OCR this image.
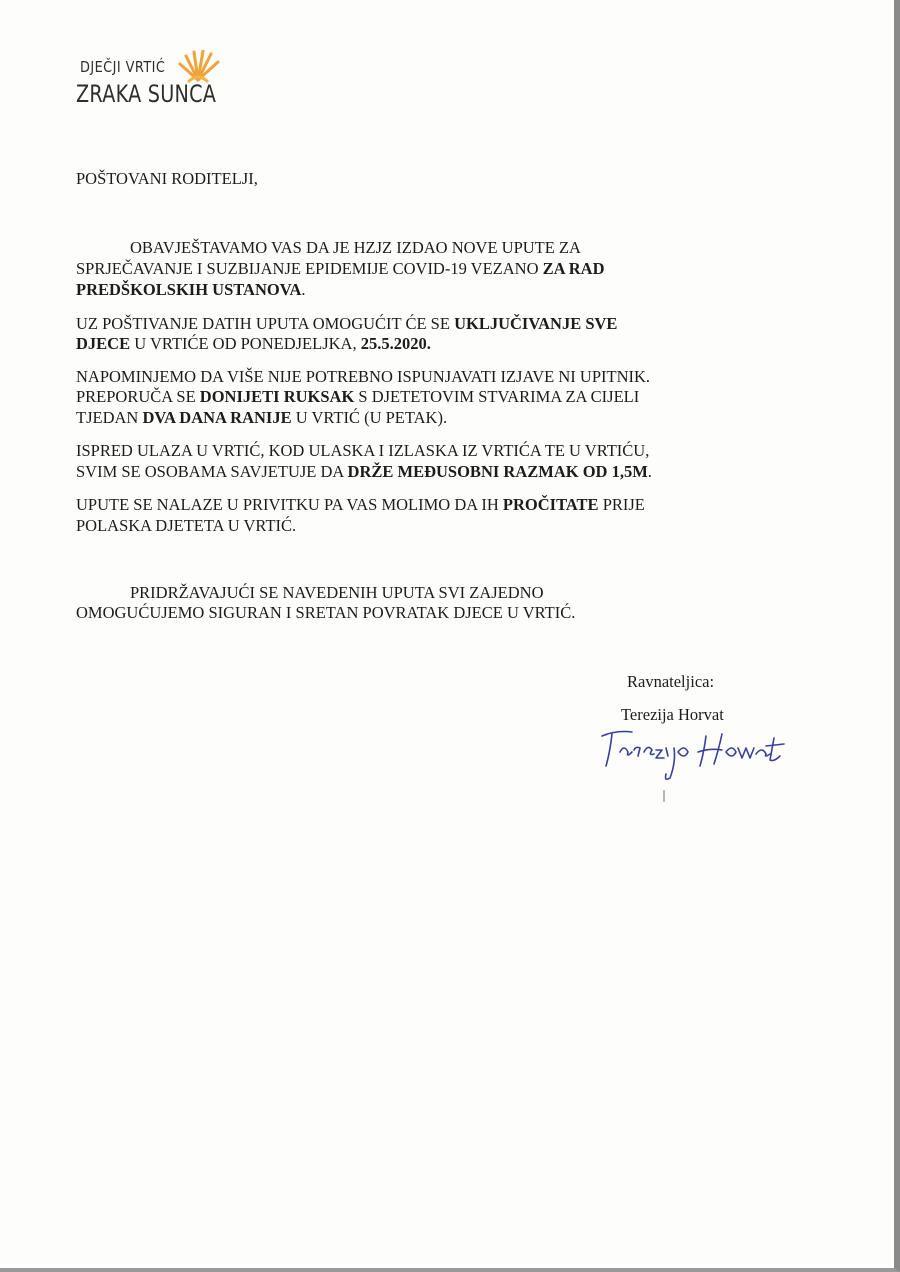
DJEČJI VRTIĆ
ZRAKA SUNCA
POŠTOVANI RODITELJI,
OBAVJEŠTAVAMO VAS DA JE HZJZ IZDAO NOVE UPUTE ZA
SPRJEČAVANJE I SUZBIJANJE EPIDEMIJE COVID-19 VEZANO ZA RAD
PREDŠKOLSKIH USTANOVA.
UZ POŠTIVANJE DATIH UPUTA OMOGUĆIT ĆE SE UKLJUČIVANJE SVE
DJECE U VRTIĆE OD PONEDJELJKA, 25.5.2020.
NAPOMINJEMO DA VIŠE NIJE POTREBNO ISPUNJAVATI IZJAVE NI UPITNIK.
PREPORUČA SE DONIJETI RUKSAK S DJETETOVIM STVARIMA ZA CIJELI
TJEDAN DVA DANA RANIJE U VRTIĆ (U PETAK).
ISPRED ULAZA U VRTIĆ, KOD ULASKA I IZLASKA IZ VRTIĆA TE U VRTIĆU,
SVIM SE OSOBAMA SAVJETUJE DA DRŽE MEĐUSOBNI RAZMAK OD 1,5M.
UPUTE SE NALAZE U PRIVITKU PA VAS MOLIMO DA IH PROČITATE PRIJE
POLASKA DJETETA U VRTIĆ.
PRIDRŽAVAJUĆI SE NAVEDENIH UPUTA SVI ZAJEDNO
OMOGUĆUJEMO SIGURAN I SRETAN POVRATAK DJECE U VRTIĆ.
Ravnateljica:
Terezija Horvat
